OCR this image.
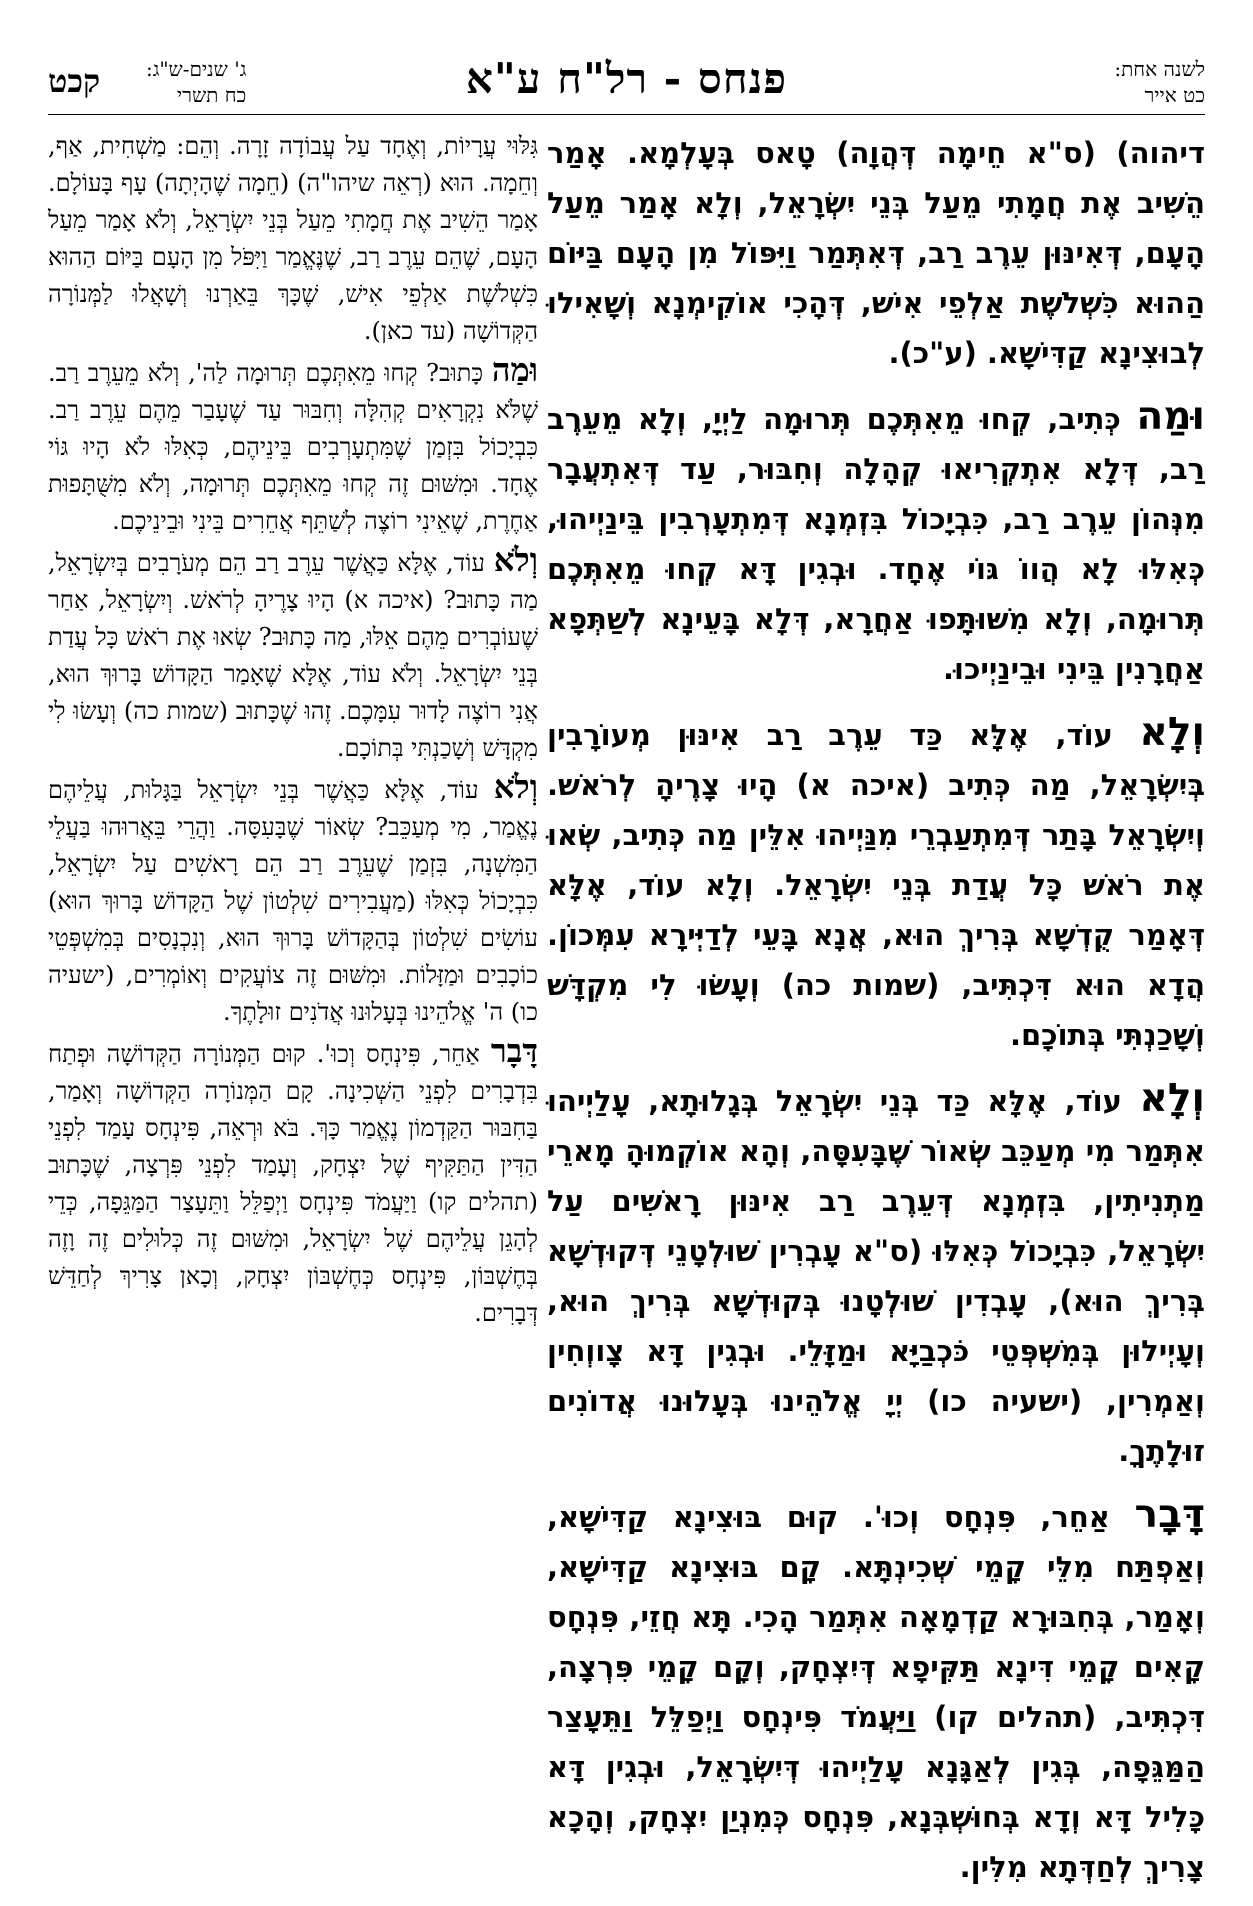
לשנה אחת:
כט אייר
פנחס - רל"ח ע"א
ג' שנים-ש"ג:
כח תשרי
קכט

דיהוה) (ס"א חֵימָה דְּהֲוָה) טָאס בְּעָלְמָא. אָמַר הֵשִׁיב אֶת חֲמָתִי מֵעַל בְּנֵי יִשְׂרָאֵל, וְלָא אָמַר מֵעַל הָעָם, דְּאִינּוּן עֵרֶב רַב, דְּאִתְּמַר וַיִּפּוֹל מִן הָעָם בַּיּוֹם הַהוּא כִּשְׁלֹשֶׁת אַלְפֵי אִישׁ, דְּהָכִי אוֹקִימְנָא וְשָׁאִילוּ לְבוּצִינָא קַדִּישָׁא. (ע"כ).

וּמַה כְּתִיב, קְחוּ מֵאִתְּכֶם תְּרוּמָה לַיְיָ, וְלָא מֵעֵרֶב רַב, דְּלָא אִתְקְרִיאוּ קְהָלָה וְחִבּוּר, עַד דְּאִתְעֲבָר מִנְּהוֹן עֵרֶב רַב, כִּבְיָכוֹל בִּזְמְנָא דְּמִתְעָרְבִין בֵּינַיְיהוּ, כְּאִלּוּ לָא הֲווֹ גּוֹי אֶחָד. וּבְגִין דָּא קְחוּ מֵאִתְּכֶם תְּרוּמָה, וְלָא מִשּׁוּתָּפוּ אַחֲרָא, דְּלָא בָּעֵינָא לְשַׁתְּפָא אַחֲרָנִין בֵּינִי וּבֵינַיְיכוּ.

וְלָא עוֹד, אֶלָּא כַּד עֵרֶב רַב אִינּוּן מְעוֹרָבִין בְּיִשְׂרָאֵל, מַה כְּתִיב (איכה א) הָיוּ צָרֶיהָ לְרֹאשׁ. וְיִשְׂרָאֵל בָּתַר דְּמִתְעַבְרֵי מִנַּיְיהוּ אִלֵּין מַה כְּתִיב, שְׂאוּ אֶת רֹאשׁ כָּל עֲדַת בְּנֵי יִשְׂרָאֵל. וְלָא עוֹד, אֶלָּא דְּאָמַר קֻדְשָׁא בְּרִיךְ הוּא, אֲנָא בָּעֵי לְדַיְּירָא עִמְּכוֹן. הֲדָא הוּא דִּכְתִּיב, (שמות כה) וְעָשׂוּ לִי מִקְדָּשׁ וְשָׁכַנְתִּי בְּתוֹכָם.

וְלָא עוֹד, אֶלָּא כַּד בְּנֵי יִשְׂרָאֵל בְּגָלוּתָא, עָלַיְיהוּ אִתְּמַר מִי מְעַכֵּב שְׂאוֹר שֶׁבָּעִסָּה, וְהָא אוֹקְמוּהָ מָארֵי מַתְנִיתִין, בִּזְמְנָא דְּעֵרֶב רַב אִינּוּן רָאשִׁים עַל יִשְׂרָאֵל, כִּבְיָכוֹל כְּאִלּוּ (ס"א עָבְרִין שׁוּלְטָנֵי דְּקוּדְשָׁא בְּרִיךְ הוּא), עָבְדִין שׁוּלְטָנוּ בְּקוּדְשָׁא בְּרִיךְ הוּא, וְעָיְילוּן בְּמִשְׁפְּטֵי כֹּכְבַיָּא וּמַזָּלֵי. וּבְגִין דָּא צָווְחִין וְאַמְרִין, (ישעיה כו) יְיָ אֱלֹהֵינוּ בְּעָלוּנוּ אֲדוֹנִים זוּלָתֶךָ.

דָּבָר אַחֵר, פִּנְחָס וְכוּ'. קוּם בּוּצִינָא קַדִּישָׁא, וְאַפְתַּח מִלֵּי קָמֵי שְׁכִינְתָּא. קָם בּוּצִינָא קַדִּישָׁא, וְאָמַר, בְּחִבּוּרָא קַדְמָאָה אִתְּמַר הָכִי. תָּא חֲזֵי, פִּנְחָס קָאִים קָמֵי דִּינָא תַּקִּיפָא דְּיִצְחָק, וְקָם קָמֵי פִּרְצָה, דִּכְתִּיב, (תהלים קו) וַיַּעֲמֹד פִּינְחָס וַיְפַלֵּל וַתֵּעָצַר הַמַּגֵּפָה, בְּגִין לְאַגָּנָא עָלַיְיהוּ דְּיִשְׂרָאֵל, וּבְגִין דָּא כָּלִיל דָּא וְדָא בְּחוּשְׁבְּנָא, פִּנְחָס כְּמִנְיַן יִצְחָק, וְהָכָא צָרִיךְ לְחַדְּתָא מִלִּין.

גִּלּוּי עֲרָיוֹת, וְאֶחָד עַל עֲבוֹדָה זָרָה. וְהֵם: מַשְׁחִית, אַף, וְחֵמָה. הוּא (רְאֵה שיהו"ה) (חֵמָה שֶׁהָיְתָה) עָף בָּעוֹלָם. אָמַר הֵשִׁיב אֶת חֲמָתִי מֵעַל בְּנֵי יִשְׂרָאֵל, וְלֹא אָמַר מֵעַל הָעָם, שֶׁהֵם עֵרֶב רַב, שֶׁנֶּאֱמַר וַיִּפֹּל מִן הָעָם בַּיּוֹם הַהוּא כִּשְׁלֹשֶׁת אַלְפֵי אִישׁ, שֶׁכָּךְ בֵּאַרְנוּ וְשָׁאֲלוּ לַמְּנוֹרָה הַקְּדוֹשָׁה (עד כאן).

וּמַה כָּתוּב? קְחוּ מֵאִתְּכֶם תְּרוּמָה לַה', וְלֹא מֵעֵרֶב רַב. שֶׁלֹּא נִקְרָאִים קְהִלָּה וְחִבּוּר עַד שֶׁעָבַר מֵהֶם עֵרֶב רַב. כִּבְיָכוֹל בִּזְמַן שֶׁמִּתְעָרְבִים בֵּינֵיהֶם, כְּאִלּוּ לֹא הָיוּ גּוֹי אֶחָד. וּמִשּׁוּם זֶה קְחוּ מֵאִתְּכֶם תְּרוּמָה, וְלֹא מִשֻּׁתָּפוּת אַחֶרֶת, שֶׁאֵינִי רוֹצֶה לְשַׁתֵּף אֲחֵרִים בֵּינִי וּבֵינֵיכֶם.

וְלֹא עוֹד, אֶלָּא כַּאֲשֶׁר עֵרֶב רַב הֵם מְעֹרָבִים בְּיִשְׂרָאֵל, מַה כָּתוּב? (איכה א) הָיוּ צָרֶיהָ לְרֹאשׁ. וְיִשְׂרָאֵל, אַחַר שֶׁעוֹבְרִים מֵהֶם אֵלּוּ, מַה כָּתוּב? שְׂאוּ אֶת רֹאשׁ כָּל עֲדַת בְּנֵי יִשְׂרָאֵל. וְלֹא עוֹד, אֶלָּא שֶׁאָמַר הַקָּדוֹשׁ בָּרוּךְ הוּא, אֲנִי רוֹצֶה לָדוּר עִמָּכֶם. זֶהוּ שֶׁכָּתוּב (שמות כה) וְעָשׂוּ לִי מִקְדָּשׁ וְשָׁכַנְתִּי בְּתוֹכָם.

וְלֹא עוֹד, אֶלָּא כַּאֲשֶׁר בְּנֵי יִשְׂרָאֵל בַּגָּלוּת, עֲלֵיהֶם נֶאֱמַר, מִי מְעַכֵּב? שְׂאוֹר שֶׁבָּעִסָּה. וַהֲרֵי בֵּאֲרוּהוּ בַּעֲלֵי הַמִּשְׁנָה, בִּזְמַן שֶׁעֵרֶב רַב הֵם רָאשִׁים עַל יִשְׂרָאֵל, כִּבְיָכוֹל כְּאִלּוּ (מַעֲבִירִים שִׁלְטוֹן שֶׁל הַקָּדוֹשׁ בָּרוּךְ הוּא) עוֹשִׂים שִׁלְטוֹן בְּהַקָּדוֹשׁ בָּרוּךְ הוּא, וְנִכְנָסִים בְּמִשְׁפְּטֵי כוֹכָבִים וּמַזָּלוֹת. וּמִשּׁוּם זֶה צוֹעֲקִים וְאוֹמְרִים, (ישעיה כו) ה' אֱלֹהֵינוּ בְּעָלוּנוּ אֲדֹנִים זוּלָתֶךָ.

דָּבָר אַחֵר, פִּינְחָס וְכוּ'. קוּם הַמְּנוֹרָה הַקְּדוֹשָׁה וּפְתַח בִּדְבָרִים לִפְנֵי הַשְּׁכִינָה. קָם הַמְּנוֹרָה הַקְּדוֹשָׁה וְאָמַר, בַּחִבּוּר הַקַּדְמוֹן נֶאֱמַר כָּךְ. בֹּא וּרְאֵה, פִּינְחָס עָמַד לִפְנֵי הַדִּין הַתַּקִּיף שֶׁל יִצְחָק, וְעָמַד לִפְנֵי פִּרְצָה, שֶׁכָּתוּב (תהלים קו) וַיַּעֲמֹד פִּינְחָס וַיְפַלֵּל וַתֵּעָצַר הַמַּגֵּפָה, כְּדֵי לְהָגֵן עֲלֵיהֶם שֶׁל יִשְׂרָאֵל, וּמִשּׁוּם זֶה כְּלוּלִים זֶה וָזֶה בְּחֶשְׁבּוֹן, פִּינְחָס כְּחֶשְׁבּוֹן יִצְחָק, וְכָאן צָרִיךְ לְחַדֵּשׁ דְּבָרִים.
